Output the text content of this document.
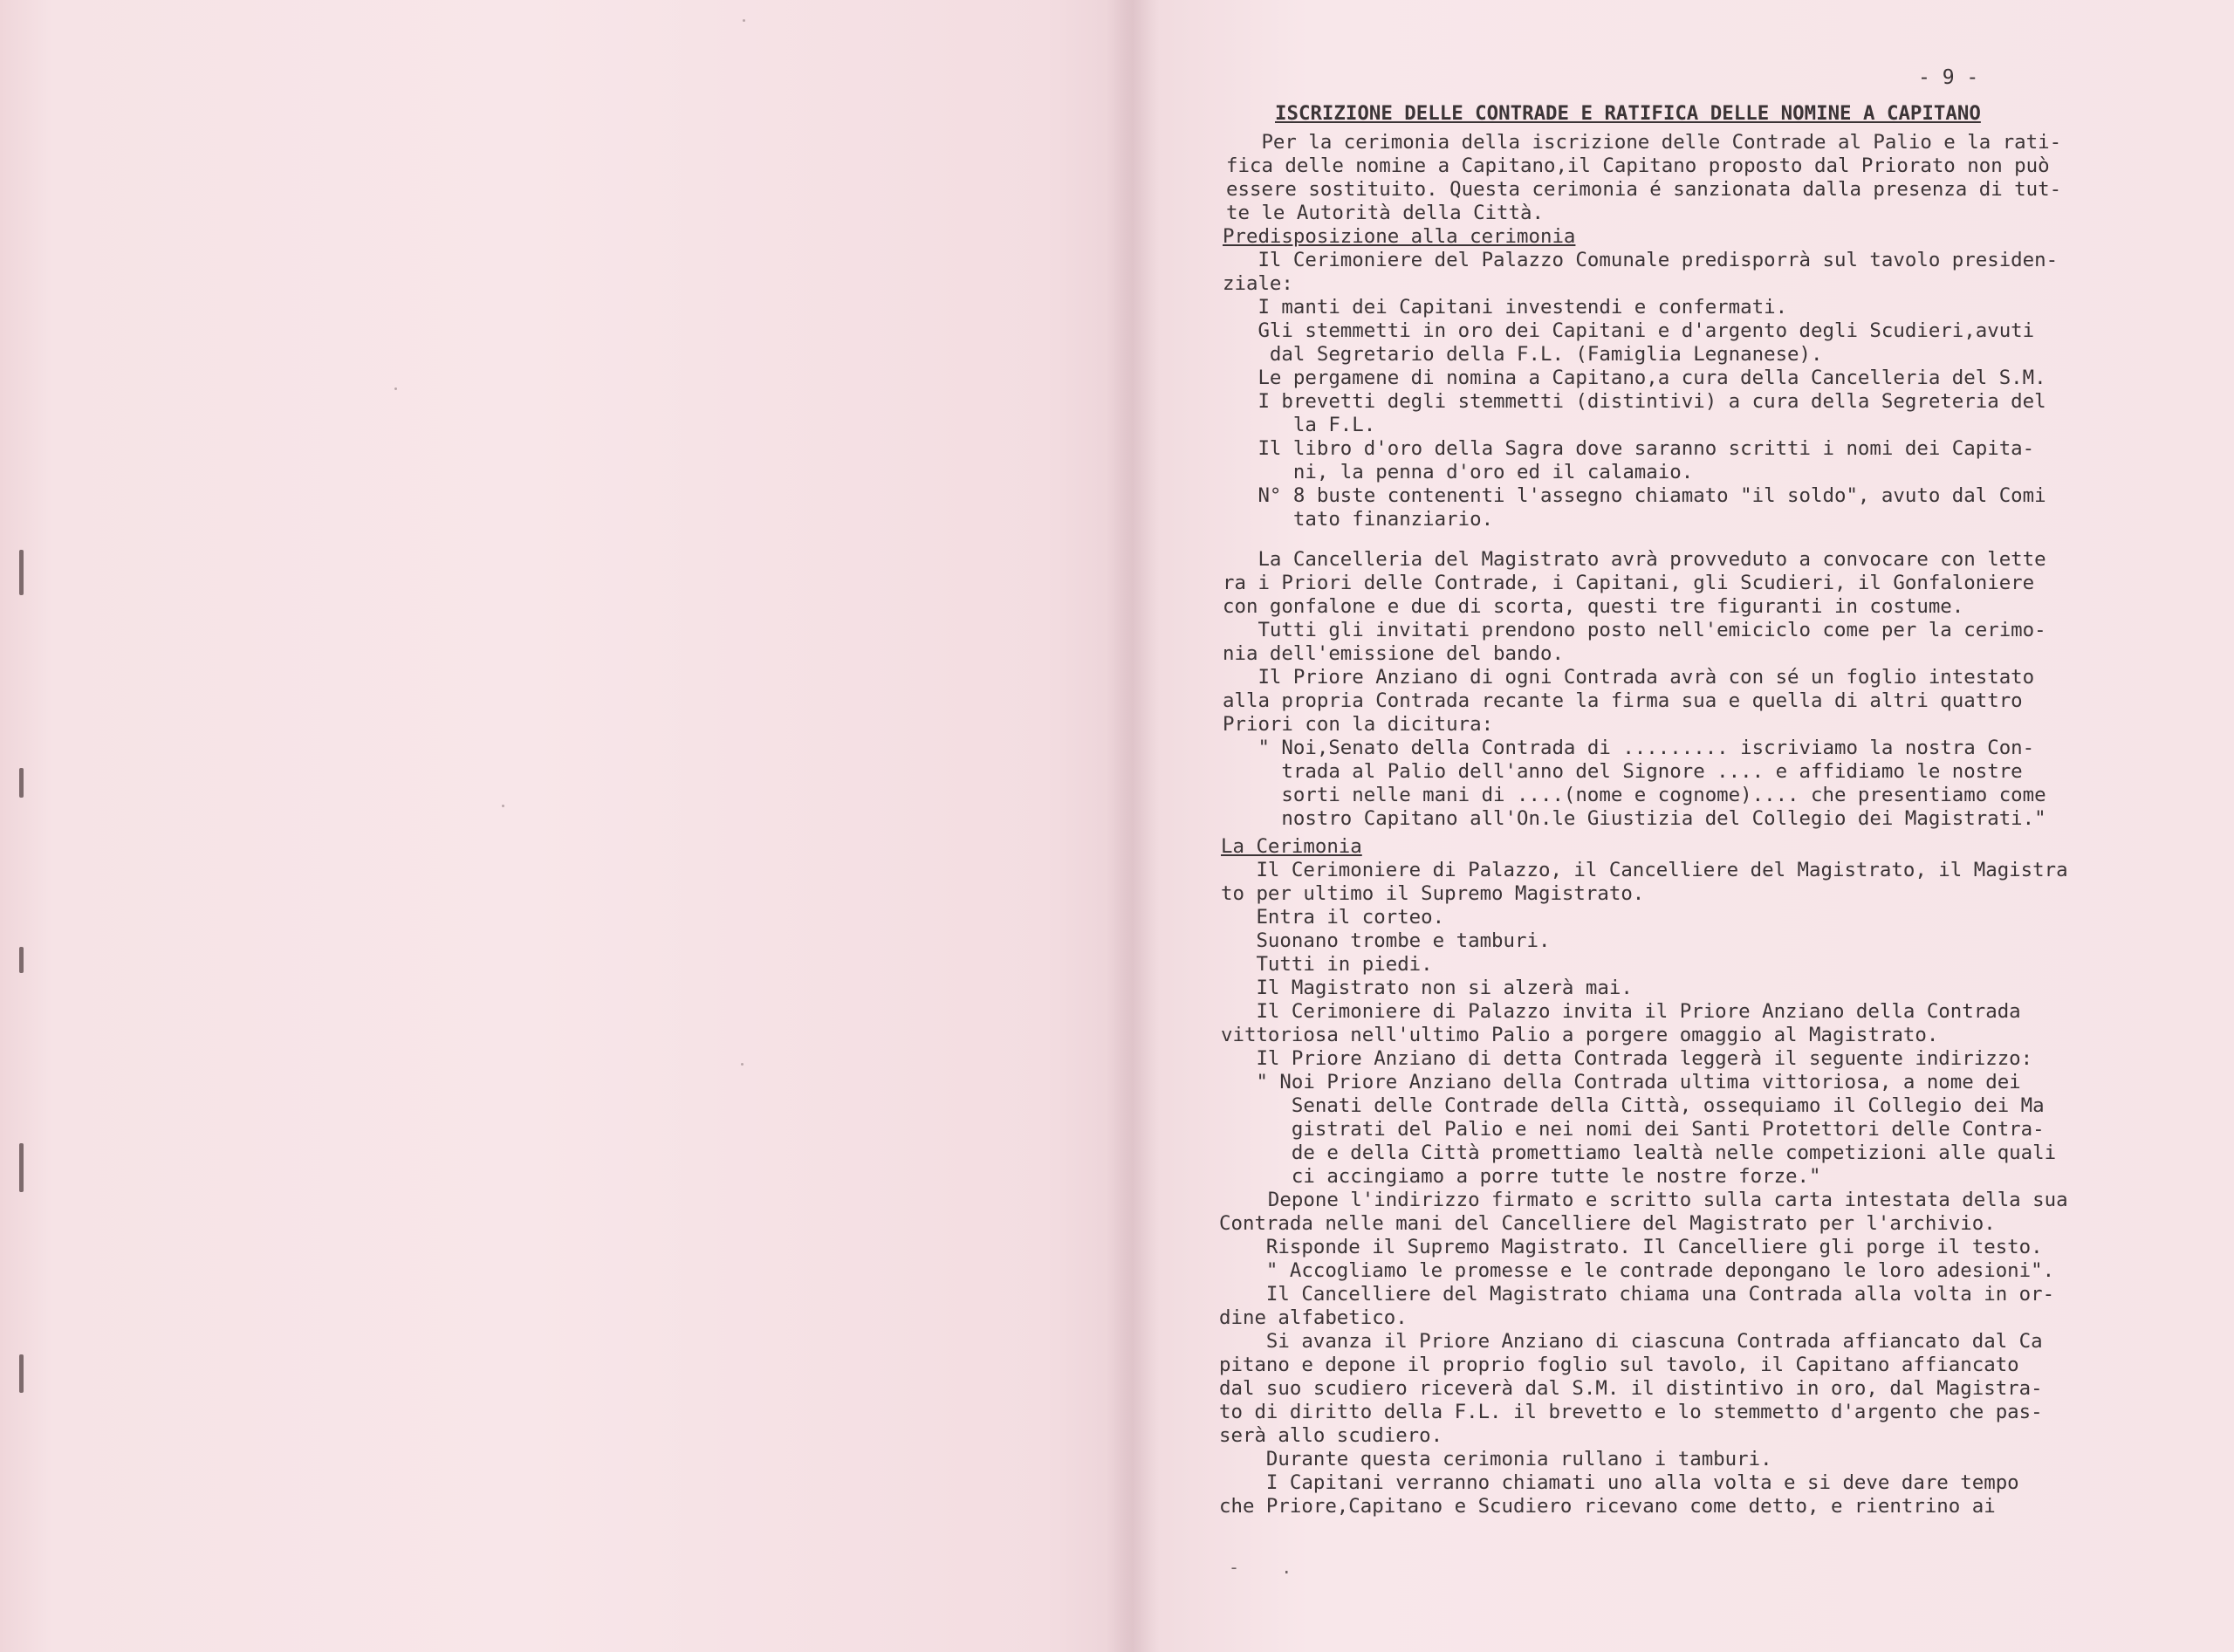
- 9 -
ISCRIZIONE DELLE CONTRADE E RATIFICA DELLE NOMINE A CAPITANO
Per la cerimonia della iscrizione delle Contrade al Palio e la rati-
fica delle nomine a Capitano,il Capitano proposto dal Priorato non può
essere sostituito. Questa cerimonia é sanzionata dalla presenza di tut-
te le Autorità della Città.
Predisposizione alla cerimonia
Il Cerimoniere del Palazzo Comunale predisporrà sul tavolo presiden-
ziale:
I manti dei Capitani investendi e confermati.
Gli stemmetti in oro dei Capitani e d'argento degli Scudieri,avuti
dal Segretario della F.L. (Famiglia Legnanese).
Le pergamene di nomina a Capitano,a cura della Cancelleria del S.M.
I brevetti degli stemmetti (distintivi) a cura della Segreteria del
la F.L.
Il libro d'oro della Sagra dove saranno scritti i nomi dei Capita-
ni, la penna d'oro ed il calamaio.
N° 8 buste contenenti l'assegno chiamato "il soldo", avuto dal Comi
tato finanziario.
La Cancelleria del Magistrato avrà provveduto a convocare con lette
ra i Priori delle Contrade, i Capitani, gli Scudieri, il Gonfaloniere
con gonfalone e due di scorta, questi tre figuranti in costume.
Tutti gli invitati prendono posto nell'emiciclo come per la cerimo-
nia dell'emissione del bando.
Il Priore Anziano di ogni Contrada avrà con sé un foglio intestato
alla propria Contrada recante la firma sua e quella di altri quattro
Priori con la dicitura:
" Noi,Senato della Contrada di ......... iscriviamo la nostra Con-
trada al Palio dell'anno del Signore .... e affidiamo le nostre
sorti nelle mani di ....(nome e cognome).... che presentiamo come
nostro Capitano all'On.le Giustizia del Collegio dei Magistrati."
La Cerimonia
Il Cerimoniere di Palazzo, il Cancelliere del Magistrato, il Magistra
to per ultimo il Supremo Magistrato.
Entra il corteo.
Suonano trombe e tamburi.
Tutti in piedi.
Il Magistrato non si alzerà mai.
Il Cerimoniere di Palazzo invita il Priore Anziano della Contrada
vittoriosa nell'ultimo Palio a porgere omaggio al Magistrato.
Il Priore Anziano di detta Contrada leggerà il seguente indirizzo:
" Noi Priore Anziano della Contrada ultima vittoriosa, a nome dei
Senati delle Contrade della Città, ossequiamo il Collegio dei Ma
gistrati del Palio e nei nomi dei Santi Protettori delle Contra-
de e della Città promettiamo lealtà nelle competizioni alle quali
ci accingiamo a porre tutte le nostre forze."
Depone l'indirizzo firmato e scritto sulla carta intestata della sua
Contrada nelle mani del Cancelliere del Magistrato per l'archivio.
Risponde il Supremo Magistrato. Il Cancelliere gli porge il testo.
" Accogliamo le promesse e le contrade depongano le loro adesioni".
Il Cancelliere del Magistrato chiama una Contrada alla volta in or-
dine alfabetico.
Si avanza il Priore Anziano di ciascuna Contrada affiancato dal Ca
pitano e depone il proprio foglio sul tavolo, il Capitano affiancato
dal suo scudiero riceverà dal S.M. il distintivo in oro, dal Magistra-
to di diritto della F.L. il brevetto e lo stemmetto d'argento che pas-
serà allo scudiero.
Durante questa cerimonia rullano i tamburi.
I Capitani verranno chiamati uno alla volta e si deve dare tempo
che Priore,Capitano e Scudiero ricevano come detto, e rientrino ai
-    .
